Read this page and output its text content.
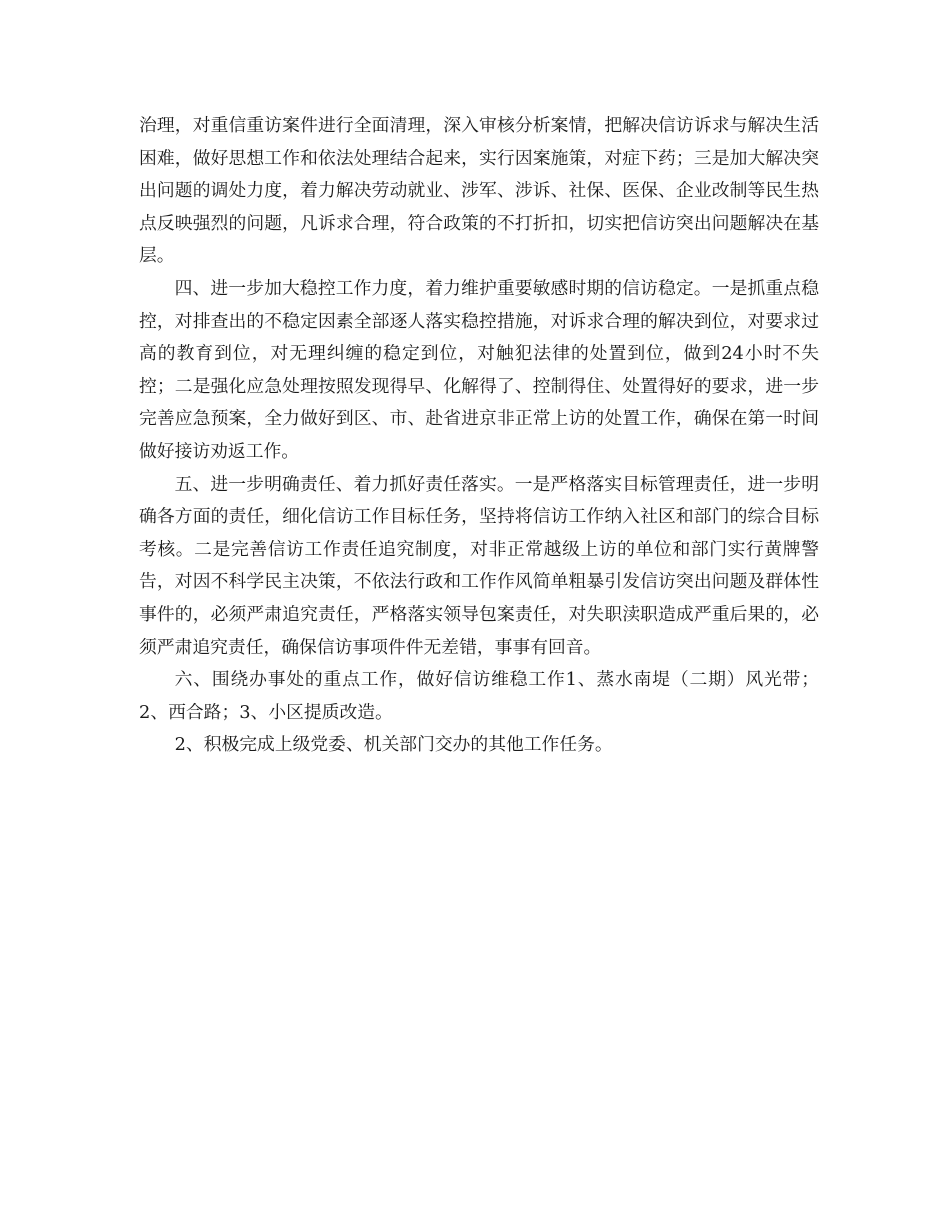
治理，对重信重访案件进行全面清理，深入审核分析案情，把解决信访诉求与解决生活困难，做好思想工作和依法处理结合起来，实行因案施策，对症下药；三是加大解决突出问题的调处力度，着力解决劳动就业、涉军、涉诉、社保、医保、企业改制等民生热点反映强烈的问题，凡诉求合理，符合政策的不打折扣，切实把信访突出问题解决在基层。

四、进一步加大稳控工作力度，着力维护重要敏感时期的信访稳定。一是抓重点稳控，对排查出的不稳定因素全部逐人落实稳控措施，对诉求合理的解决到位，对要求过高的教育到位，对无理纠缠的稳定到位，对触犯法律的处置到位，做到24小时不失控；二是强化应急处理按照发现得早、化解得了、控制得住、处置得好的要求，进一步完善应急预案，全力做好到区、市、赴省进京非正常上访的处置工作，确保在第一时间做好接访劝返工作。

五、进一步明确责任、着力抓好责任落实。一是严格落实目标管理责任，进一步明确各方面的责任，细化信访工作目标任务，坚持将信访工作纳入社区和部门的综合目标考核。二是完善信访工作责任追究制度，对非正常越级上访的单位和部门实行黄牌警告，对因不科学民主决策，不依法行政和工作作风简单粗暴引发信访突出问题及群体性事件的，必须严肃追究责任，严格落实领导包案责任，对失职渎职造成严重后果的，必须严肃追究责任，确保信访事项件件无差错，事事有回音。

六、围绕办事处的重点工作，做好信访维稳工作1、蒸水南堤（二期）风光带；2、西合路；3、小区提质改造。

2、积极完成上级党委、机关部门交办的其他工作任务。
